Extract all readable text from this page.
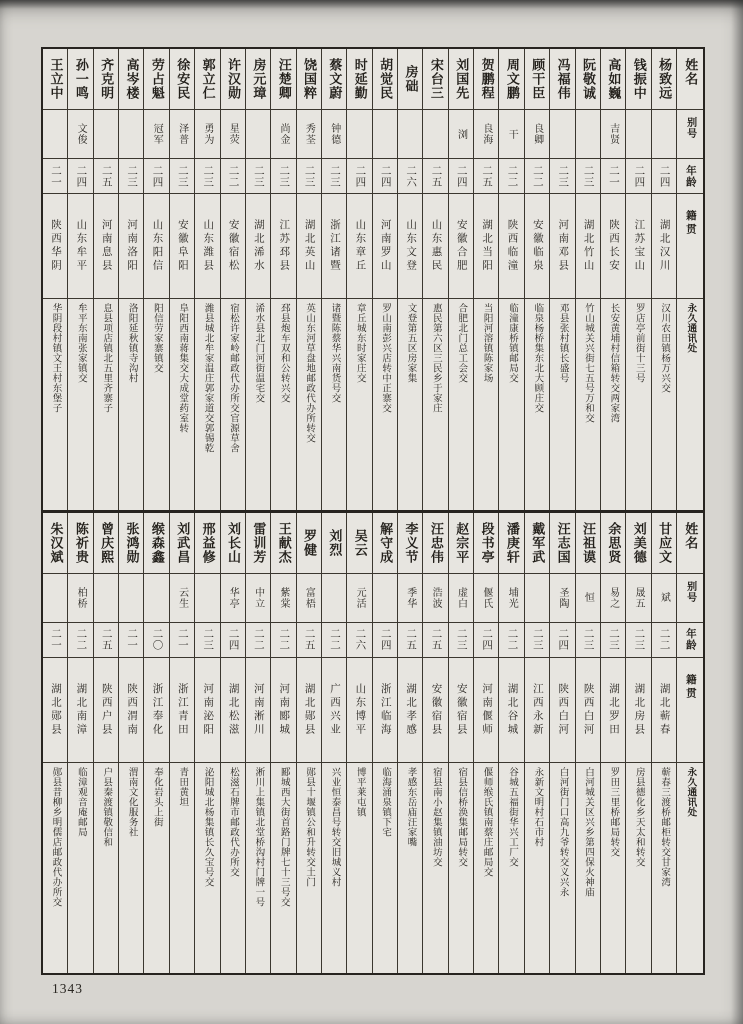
王立中
二一
陕西华阴
华阴段村镇文王村东堡子
孙一鸣
文俊
二四
山东牟平
牟平东南张家镇交
齐克明
二五
河南息县
息县项店镇北五里齐寨子
高岑楼
二三
河南洛阳
洛阳延秋镇寺沟村
劳占魁
冠军
二四
山东阳信
阳信劳家寨镇交
徐安民
泽普
二三
安徽阜阳
阜阳西南蒋集交大成堂药室转
郭立仁
勇为
二三
山东潍县
潍县城北牟家温庄郭家道交郭锡乾
许汉勋
星荧
二二
安徽宿松
宿松许家岭邮政代办所交官源草舍
房元璋
二三
湖北浠水
浠水县北门河街温宅交
汪楚卿
尚金
二三
江苏邳县
邳县炮车双和公转兴交
饶国粹
秀荃
二三
湖北英山
英山东河草盘地邮政代办所转交
蔡文蔚
钟德
二三
浙江诸暨
诸暨陈蔡华兴南货号交
时延勤
二四
山东章丘
章丘城东时家庄交
胡觉民
二四
河南罗山
罗山南彭兴店转中正寨交
房础
二六
山东文登
文登第五区房家集
宋台三
二五
山东惠民
惠民第六区三民乡于家庄
刘国先
浏
二四
安徽合肥
合肥北门总工会交
贺鹏程
良海
二五
湖北当阳
当阳河溶镇陈家场
周文鹏
干
二二
陕西临潼
临潼康桥镇邮局交
顾干臣
良卿
二二
安徽临泉
临泉杨桥集东北大顾庄交
冯福伟
二三
河南邓县
邓县张村镇长盛号
阮敬诚
二三
湖北竹山
竹山城关兴街七五号万和交
高如巍
吉贤
二一
陕西长安
长安黄埔村信箱转交两家湾
钱振中
二四
江苏宝山
罗店亭前街十三号
杨致远
二四
湖北汉川
汉川农田镇杨万兴交
姓名
别号
年龄
籍贯
永久通讯处
朱汉斌
二一
湖北郧县
郧县昔柳乡明儒店邮政代办所交
陈祈贵
柏桥
二二
湖北南漳
临漳观音庵邮局
曾庆熙
二五
陕西户县
户县秦渡镇敬信和
张鸿勋
二一
陕西渭南
渭南文化服务社
缑森鑫
二〇
浙江奉化
奉化岩头上街
刘武昌
云生
二一
浙江青田
青田黄坦
邢益修
二三
河南泌阳
泌阳城北杨集镇长久宝号交
刘长山
华亭
二四
湖北松滋
松滋石牌市邮政代办所交
雷训芳
中立
二二
河南淅川
淅川上集镇北堂桥沟村门牌一号
王献杰
紫棠
二二
河南郾城
郾城西大街首路门牌七十三号交
罗健
富梧
二五
湖北郧县
郧县十堰镇公和升转交土门
刘烈
二二
广西兴业
兴业恒泰昌号转交旧城义村
吴云
元活
二六
山东博平
博平莱屯镇
解守成
二四
浙江临海
临海涌泉镇下宅
李义节
季华
二五
湖北孝感
孝感东岳庙汪家嘴
汪忠伟
浩波
二五
安徽宿县
宿县南小赵集镇油坊交
赵宗平
虚白
二三
安徽宿县
宿县信桥涣集邮局转交
段书亭
偃氏
二四
河南偃师
偃师缑氏镇南蔡庄邮局交
潘庚轩
埔光
二二
湖北谷城
谷城五福街华兴工厂交
戴军武
二三
江西永新
永新文明村石市村
汪志国
圣陶
二四
陕西白河
白河街门口高九爷转交义兴永
汪祖谟
恒
二三
陕西白河
白河城关区兴乡第四保火神庙
余思贤
易之
二三
湖北罗田
罗田三里桥邮局转交
刘美德
晟五
二三
湖北房县
房县德化乡天太和转交
甘应文
斌
二二
湖北蕲春
蕲春三渡桥邮柜转交甘家湾
姓名
别号
年龄
籍贯
永久通讯处
1343
